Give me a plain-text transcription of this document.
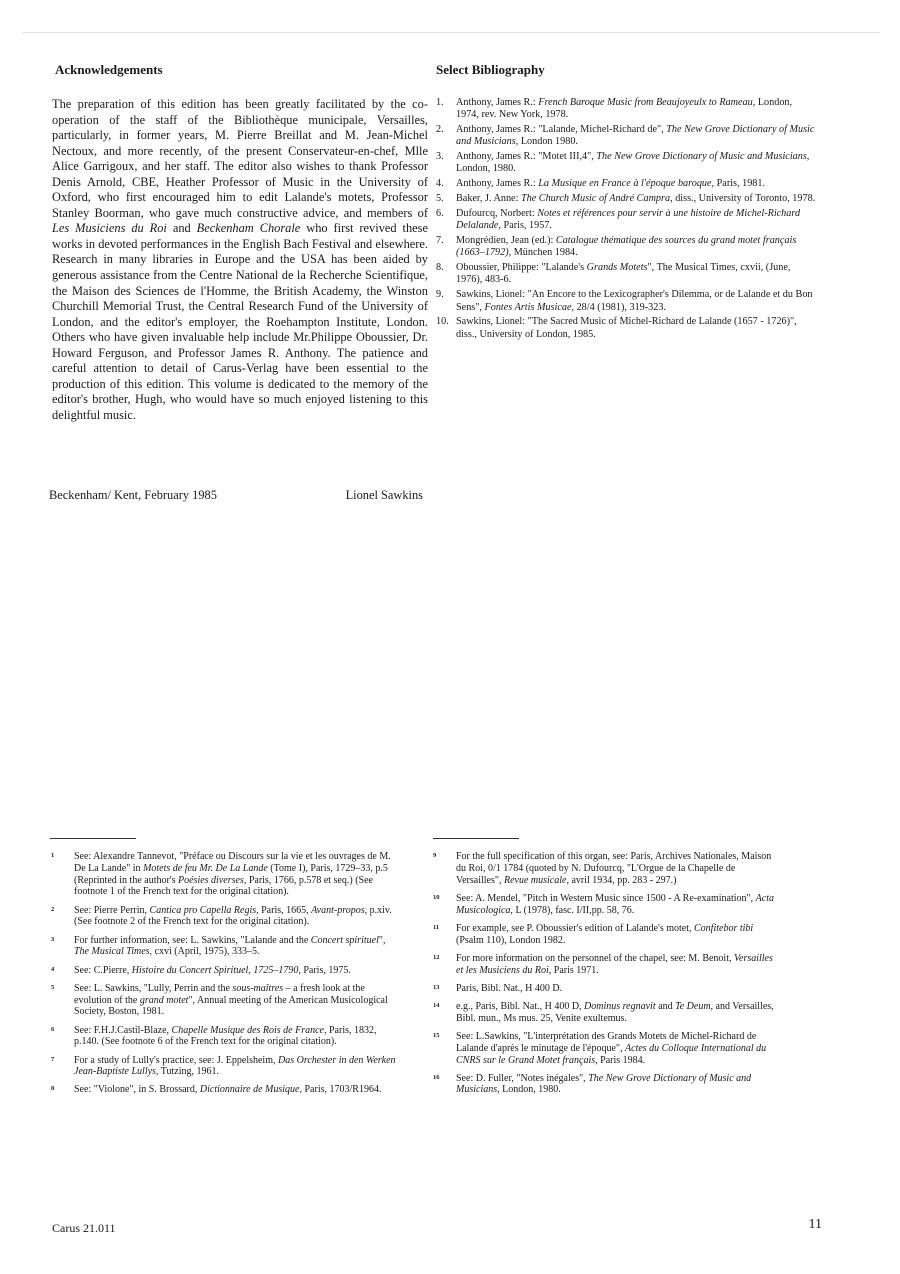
Acknowledgements

The preparation of this edition has been greatly facilitated by the co-operation of the staff of the Bibliothèque municipale, Versailles, particularly, in former years, M. Pierre Breillat and M. Jean-Michel Nectoux, and more recently, of the present Conservateur-en-chef, Mlle Alice Garrigoux, and her staff. The editor also wishes to thank Professor Denis Arnold, CBE, Heather Professor of Music in the University of Oxford, who first encouraged him to edit Lalande's motets, Professor Stanley Boorman, who gave much constructive advice, and members of Les Musiciens du Roi and Beckenham Chorale who first revived these works in devoted performances in the English Bach Festival and elsewhere. Research in many libraries in Europe and the USA has been aided by generous assistance from the Centre National de la Recherche Scientifique, the Maison des Sciences de l'Homme, the British Academy, the Winston Churchill Memorial Trust, the Central Research Fund of the University of London, and the editor's employer, the Roehampton Institute, London. Others who have given invaluable help include Mr.Philippe Oboussier, Dr. Howard Ferguson, and Professor James R. Anthony. The patience and careful attention to detail of Carus-Verlag have been essential to the production of this edition. This volume is dedicated to the memory of the editor's brother, Hugh, who would have so much enjoyed listening to this delightful music.

Beckenham/ Kent, February 1985	Lionel Sawkins
Select Bibliography
1. Anthony, James R.: French Baroque Music from Beaujoyeulx to Rameau, London, 1974, rev. New York, 1978.
2. Anthony, James R.: "Lalande, Michel-Richard de", The New Grove Dictionary of Music and Musicians, London 1980.
3. Anthony, James R.: "Motet III,4", The New Grove Dictionary of Music and Musicians, London, 1980.
4. Anthony, James R.: La Musique en France à l'époque baroque, Paris, 1981.
5. Baker, J. Anne: The Church Music of André Campra, diss., University of Toronto, 1978.
6. Dufourcq, Norbert: Notes et références pour servir à une histoire de Michel-Richard Delalande, Paris, 1957.
7. Mongrédien, Jean (ed.): Catalogue thématique des sources du grand motet français (1663–1792), München 1984.
8. Oboussier, Philippe: "Lalande's Grands Motets", The Musical Times, cxvii, (June, 1976), 483-6.
9. Sawkins, Lionel: "An Encore to the Lexicographer's Dilemma, or de Lalande et du Bon Sens", Fontes Artis Musicae, 28/4 (1981), 319-323.
10. Sawkins, Lionel: "The Sacred Music of Michel-Richard de Lalande (1657 - 1726)", diss., University of London, 1985.
1 See: Alexandre Tannevot, "Préface ou Discours sur la vie et les ouvrages de M. De La Lande" in Motets de feu Mr. De La Lande (Tome I), Paris, 1729–33, p.5 (Reprinted in the author's Poésies diverses, Paris, 1766, p.578 et seq.) (See footnote 1 of the French text for the original citation).
2 See: Pierre Perrin, Cantica pro Capella Regis, Paris, 1665, Avant-propos, p.xiv. (See footnote 2 of the French text for the original citation).
3 For further information, see: L. Sawkins, "Lalande and the Concert spirituel", The Musical Times, cxvi (April, 1975), 333–5.
4 See: C.Pierre, Histoire du Concert Spirituel, 1725–1790, Paris, 1975.
5 See: L. Sawkins, "Lully, Perrin and the sous-maîtres – a fresh look at the evolution of the grand motet", Annual meeting of the American Musicological Society, Boston, 1981.
6 See: F.H.J.Castil-Blaze, Chapelle Musique des Rois de France, Paris, 1832, p.140. (See footnote 6 of the French text for the original citation).
7 For a study of Lully's practice, see: J. Eppelsheim, Das Orchester in den Werken Jean-Baptiste Lullys, Tutzing, 1961.
8 See: "Violone", in S. Brossard, Dictionnaire de Musique, Paris, 1703/R1964.
9 For the full specification of this organ, see: Paris, Archives Nationales, Maison du Roi, 0/1 1784 (quoted by N. Dufourcq, "L'Orgue de la Chapelle de Versailles", Revue musicale, avril 1934, pp. 283 - 297.)
10 See: A. Mendel, "Pitch in Western Music since 1500 - A Re-examination", Acta Musicologica, L (1978), fasc. I/II,pp. 58, 76.
11 For example, see P. Oboussier's edition of Lalande's motet, Confitebor tibi (Psalm 110), London 1982.
12 For more information on the personnel of the chapel, see: M. Benoit, Versailles et les Musiciens du Roi, Paris 1971.
13 Paris, Bibl. Nat., H 400 D.
14 e.g., Paris, Bibl. Nat., H 400 D, Dominus regnavit and Te Deum, and Versailles, Bibl. mun., Ms mus. 25, Venite exultemus.
15 See: L.Sawkins, "L'interprétation des Grands Motets de Michel-Richard de Lalande d'après le minutage de l'époque", Actes du Colloque International du CNRS sur le Grand Motet français, Paris 1984.
16 See: D. Fuller, "Notes inégales", The New Grove Dictionary of Music and Musicians, London, 1980.
Carus 21.011	11
